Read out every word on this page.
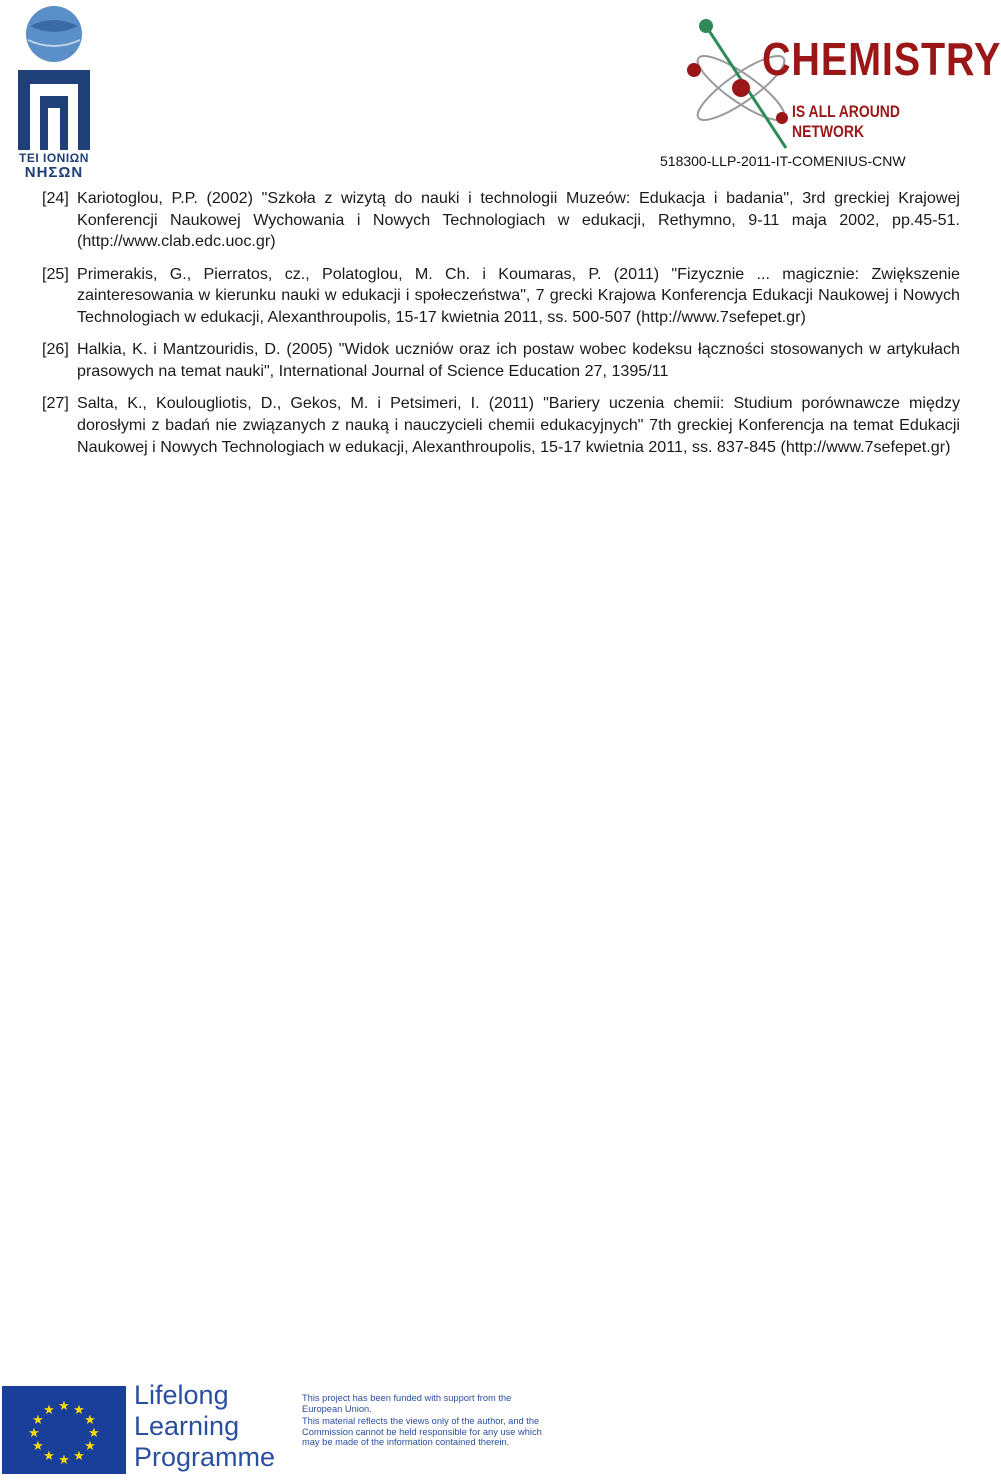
ΤΕΙ ΙΟΝΙΩΝ
ΝΗΣΩΝ
CHEMISTRY
IS ALL AROUND NETWORK
518300-LLP-2011-IT-COMENIUS-CNW
[24] Kariotoglou, P.P. (2002) "Szkoła z wizytą do nauki i technologii Muzeów: Edukacja i badania", 3rd greckiej Krajowej Konferencji Naukowej Wychowania i Nowych Technologiach w edukacji, Rethymno, 9-11 maja 2002, pp.45-51. (http://www.clab.edc.uoc.gr)
[25] Primerakis, G., Pierratos, cz., Polatoglou, M. Ch. i Koumaras, P. (2011) "Fizycznie ... magicznie: Zwiększenie zainteresowania w kierunku nauki w edukacji i społeczeństwa", 7 grecki Krajowa Konferencja Edukacji Naukowej i Nowych Technologiach w edukacji, Alexanthroupolis, 15-17 kwietnia 2011, ss. 500-507 (http://www.7sefepet.gr)
[26] Halkia, K. i Mantzouridis, D. (2005) "Widok uczniów oraz ich postaw wobec kodeksu łączności stosowanych w artykułach prasowych na temat nauki", International Journal of Science Education 27, 1395/11
[27] Salta, K., Koulougliotis, D., Gekos, M. i Petsimeri, I. (2011) "Bariery uczenia chemii: Studium porównawcze między dorosłymi z badań nie związanych z nauką i nauczycieli chemii edukacyjnych" 7th greckiej Konferencja na temat Edukacji Naukowej i Nowych Technologiach w edukacji, Alexanthroupolis, 15-17 kwietnia 2011, ss. 837-845 (http://www.7sefepet.gr)
★ ★
★
★
★
★
★
★
★
★
★
★
Lifelong
Learning
Programme

This project has been funded with support from the European Union.

This material reflects the views only of the author, and the Commission cannot be held responsible for any use which may be made of the information contained therein.
